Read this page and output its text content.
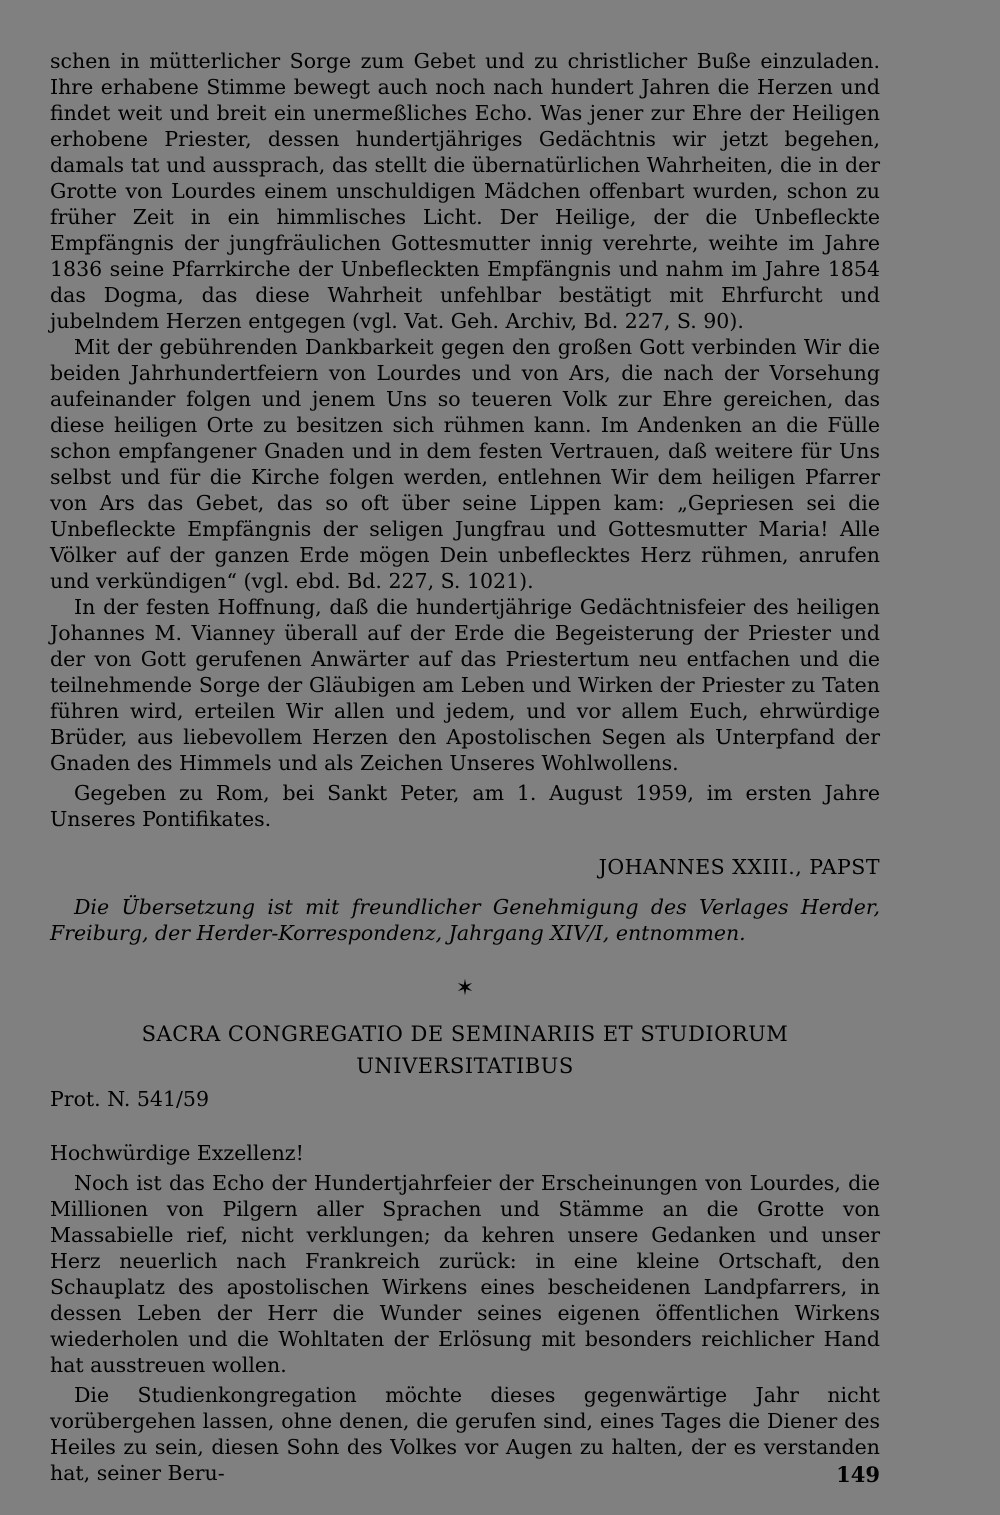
schen in mütterlicher Sorge zum Gebet und zu christlicher Buße einzuladen. Ihre erhabene Stimme bewegt auch noch nach hundert Jahren die Herzen und findet weit und breit ein unermeßliches Echo. Was jener zur Ehre der Heiligen erhobene Priester, dessen hundertjähriges Gedächtnis wir jetzt begehen, damals tat und aussprach, das stellt die übernatürlichen Wahrheiten, die in der Grotte von Lourdes einem unschuldigen Mädchen offenbart wurden, schon zu früher Zeit in ein himmlisches Licht. Der Heilige, der die Unbefleckte Empfängnis der jungfräulichen Gottesmutter innig verehrte, weihte im Jahre 1836 seine Pfarrkirche der Unbefleckten Empfängnis und nahm im Jahre 1854 das Dogma, das diese Wahrheit unfehlbar bestätigt mit Ehrfurcht und jubelndem Herzen entgegen (vgl. Vat. Geh. Archiv, Bd. 227, S. 90).

Mit der gebührenden Dankbarkeit gegen den großen Gott verbinden Wir die beiden Jahrhundertfeiern von Lourdes und von Ars, die nach der Vorsehung aufeinander folgen und jenem Uns so teueren Volk zur Ehre gereichen, das diese heiligen Orte zu besitzen sich rühmen kann. Im Andenken an die Fülle schon empfangener Gnaden und in dem festen Vertrauen, daß weitere für Uns selbst und für die Kirche folgen werden, entlehnen Wir dem heiligen Pfarrer von Ars das Gebet, das so oft über seine Lippen kam: „Gepriesen sei die Unbefleckte Empfängnis der seligen Jungfrau und Gottesmutter Maria! Alle Völker auf der ganzen Erde mögen Dein unbeflecktes Herz rühmen, anrufen und verkündigen“ (vgl. ebd. Bd. 227, S. 1021).

In der festen Hoffnung, daß die hundertjährige Gedächtnisfeier des heiligen Johannes M. Vianney überall auf der Erde die Begeisterung der Priester und der von Gott gerufenen Anwärter auf das Priestertum neu entfachen und die teilnehmende Sorge der Gläubigen am Leben und Wirken der Priester zu Taten führen wird, erteilen Wir allen und jedem, und vor allem Euch, ehrwürdige Brüder, aus liebevollem Herzen den Apostolischen Segen als Unterpfand der Gnaden des Himmels und als Zeichen Unseres Wohlwollens.

Gegeben zu Rom, bei Sankt Peter, am 1. August 1959, im ersten Jahre Unseres Pontifikates.

JOHANNES XXIII., PAPST

Die Übersetzung ist mit freundlicher Genehmigung des Verlages Herder, Freiburg, der Herder-Korrespondenz, Jahrgang XIV/I, entnommen.

✶
SACRA CONGREGATIO DE SEMINARIIS ET STUDIORUM
UNIVERSITATIBUS

Prot. N. 541/59

Hochwürdige Exzellenz!

Noch ist das Echo der Hundertjahrfeier der Erscheinungen von Lourdes, die Millionen von Pilgern aller Sprachen und Stämme an die Grotte von Massabielle rief, nicht verklungen; da kehren unsere Gedanken und unser Herz neuerlich nach Frankreich zurück: in eine kleine Ortschaft, den Schauplatz des apostolischen Wirkens eines bescheidenen Landpfarrers, in dessen Leben der Herr die Wunder seines eigenen öffentlichen Wirkens wiederholen und die Wohltaten der Erlösung mit besonders reichlicher Hand hat ausstreuen wollen.

Die Studienkongregation möchte dieses gegenwärtige Jahr nicht vorübergehen lassen, ohne denen, die gerufen sind, eines Tages die Diener des Heiles zu sein, diesen Sohn des Volkes vor Augen zu halten, der es verstanden hat, seiner Beru-	149
